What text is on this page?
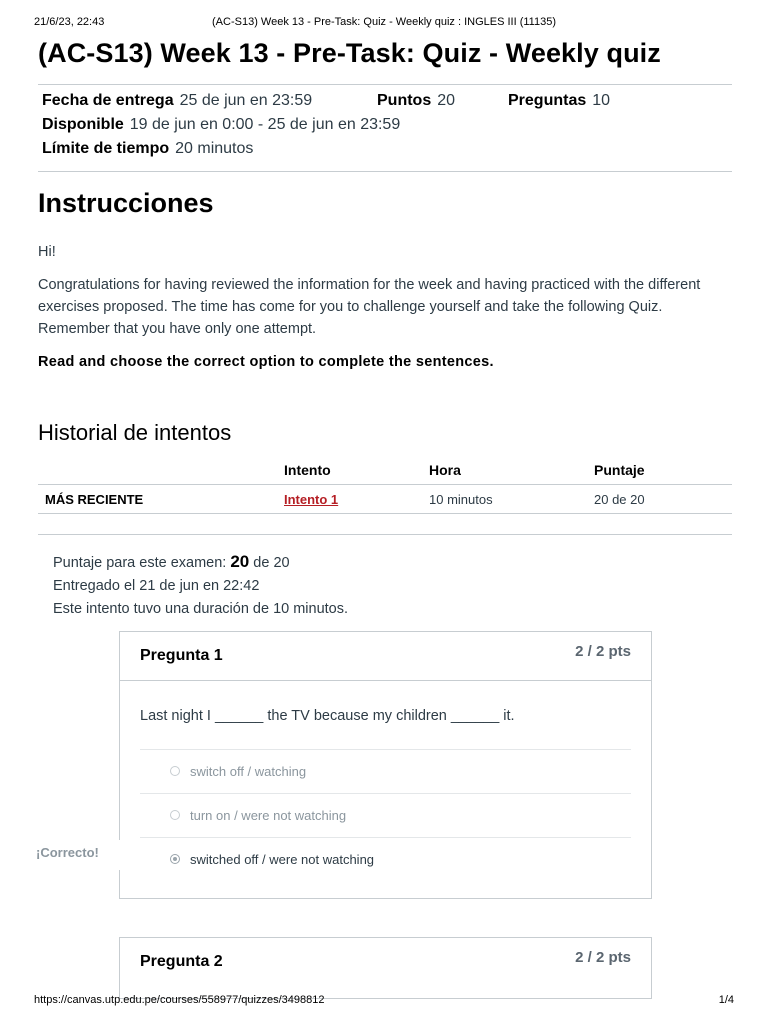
21/6/23, 22:43	(AC-S13) Week 13 - Pre-Task: Quiz - Weekly quiz : INGLES III (11135)
(AC-S13) Week 13 - Pre-Task: Quiz - Weekly quiz
Fecha de entrega 25 de jun en 23:59	Puntos 20	Preguntas 10
Disponible 19 de jun en 0:00 - 25 de jun en 23:59
Límite de tiempo 20 minutos
Instrucciones

Hi!

Congratulations for having reviewed the information for the week and having practiced with the different exercises proposed. The time has come for you to challenge yourself and take the following Quiz. Remember that you have only one attempt.

Read and choose the correct option to complete the sentences.

Historial de intentos
	Intento	Hora	Puntaje
MÁS RECIENTE	Intento 1	10 minutos	20 de 20
Puntaje para este examen: 20 de 20
Entregado el 21 de jun en 22:42
Este intento tuvo una duración de 10 minutos.
Pregunta 1	2 / 2 pts
Last night I ______ the TV because my children ______ it.
switch off / watching
turn on / were not watching
switched off / were not watching
¡Correcto!
Pregunta 2	2 / 2 pts
https://canvas.utp.edu.pe/courses/558977/quizzes/3498812	1/4
